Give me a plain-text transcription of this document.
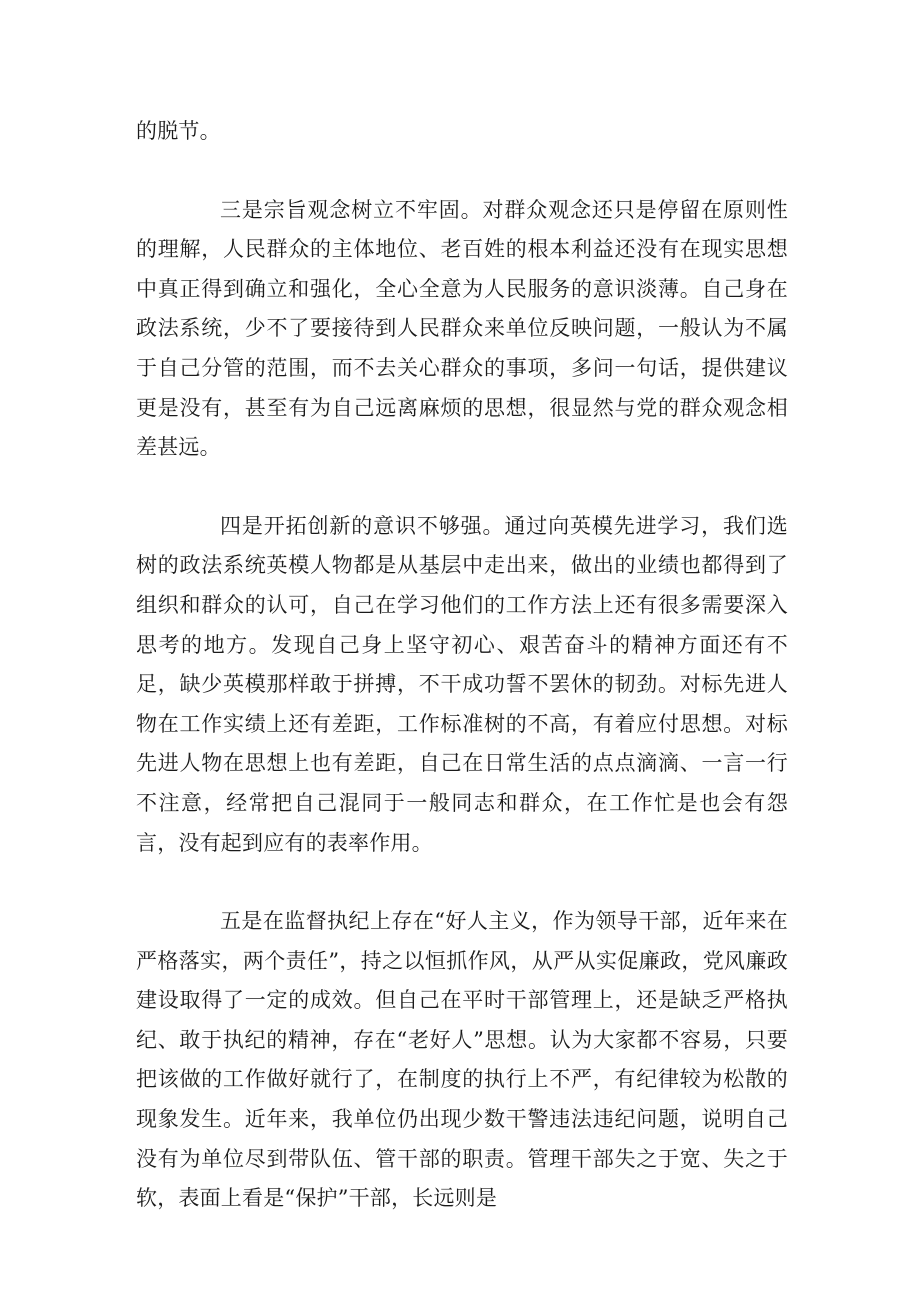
的脱节。

三是宗旨观念树立不牢固。对群众观念还只是停留在原则性的理解，人民群众的主体地位、老百姓的根本利益还没有在现实思想中真正得到确立和强化，全心全意为人民服务的意识淡薄。自己身在政法系统，少不了要接待到人民群众来单位反映问题，一般认为不属于自己分管的范围，而不去关心群众的事项，多问一句话，提供建议更是没有，甚至有为自己远离麻烦的思想，很显然与党的群众观念相差甚远。

四是开拓创新的意识不够强。通过向英模先进学习，我们选树的政法系统英模人物都是从基层中走出来，做出的业绩也都得到了组织和群众的认可，自己在学习他们的工作方法上还有很多需要深入思考的地方。发现自己身上坚守初心、艰苦奋斗的精神方面还有不足，缺少英模那样敢于拼搏，不干成功誓不罢休的韧劲。对标先进人物在工作实绩上还有差距，工作标准树的不高，有着应付思想。对标先进人物在思想上也有差距，自己在日常生活的点点滴滴、一言一行不注意，经常把自己混同于一般同志和群众，在工作忙是也会有怨言，没有起到应有的表率作用。

五是在监督执纪上存在“好人主义，作为领导干部，近年来在严格落实，两个责任”，持之以恒抓作风，从严从实促廉政，党风廉政建设取得了一定的成效。但自己在平时干部管理上，还是缺乏严格执纪、敢于执纪的精神，存在“老好人”思想。认为大家都不容易，只要把该做的工作做好就行了，在制度的执行上不严，有纪律较为松散的现象发生。近年来，我单位仍出现少数干警违法违纪问题，说明自己没有为单位尽到带队伍、管干部的职责。管理干部失之于宽、失之于软，表面上看是“保护”干部，长远则是
